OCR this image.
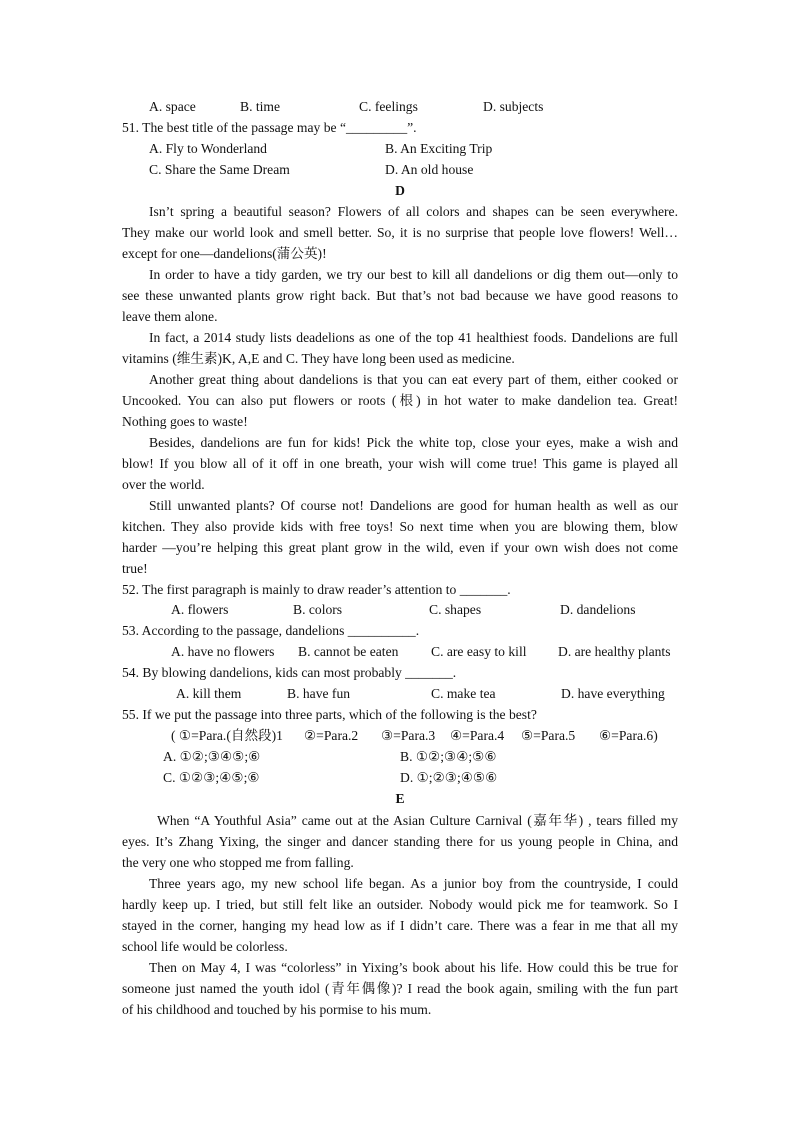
A. space	B. time	C. feelings	D. subjects
51. The best title of the passage may be “_________”.
A. Fly to Wonderland	B. An Exciting Trip
C. Share the Same Dream	D. An old house
D
Isn’t spring a beautiful season? Flowers of all colors and shapes can be seen everywhere.
They make our world look and smell better. So, it is no surprise that people love flowers! Well…
except for one—dandelions(蒲公英)!
In order to have a tidy garden, we try our best to kill all dandelions or dig them out—only to
see these unwanted plants grow right back. But that’s not bad because we have good reasons to
leave them alone.
In fact, a 2014 study lists deadelions as one of the top 41 healthiest foods. Dandelions are full
vitamins (维生素)K, A,E and C. They have long been used as medicine.
Another great thing about dandelions is that you can eat every part of them, either cooked or
Uncooked. You can also put flowers or roots (根) in hot water to make dandelion tea. Great!
Nothing goes to waste!
Besides, dandelions are fun for kids! Pick the white top, close your eyes, make a wish and
blow! If you blow all of it off in one breath, your wish will come true! This game is played all
over the world.
Still unwanted plants? Of course not! Dandelions are good for human health as well as our
kitchen. They also provide kids with free toys! So next time when you are blowing them, blow
harder —you’re helping this great plant grow in the wild, even if your own wish does not come
true!
52. The first paragraph is mainly to draw reader’s attention to _______.
A. flowers	B. colors	C. shapes	D. dandelions
53. According to the passage, dandelions __________.
A. have no flowers B. cannot be eaten C. are easy to kill D. are healthy plants
54. By blowing dandelions, kids can most probably _______.
A. kill them	B. have fun	C. make tea	D. have everything
55. If we put the passage into three parts, which of the following is the best?
( ①=Para.(自然段)1 ②=Para.2 ③=Para.3 ④=Para.4 ⑤=Para.5 ⑥=Para.6)
A. ①②;③④⑤;⑥	B. ①②;③④;⑤⑥
C. ①②③;④⑤;⑥	D. ①;②③;④⑤⑥
E
When “A Youthful Asia” came out at the Asian Culture Carnival (嘉年华) , tears filled my
eyes. It’s Zhang Yixing, the singer and dancer standing there for us young people in China, and
the very one who stopped me from falling.
Three years ago, my new school life began. As a junior boy from the countryside, I could
hardly keep up. I tried, but still felt like an outsider. Nobody would pick me for teamwork. So I
stayed in the corner, hanging my head low as if I didn’t care. There was a fear in me that all my
school life would be colorless.
Then on May 4, I was “colorless” in Yixing’s book about his life. How could this be true for
someone just named the youth idol (青年偶像)? I read the book again, smiling with the fun part
of his childhood and touched by his pormise to his mum.
